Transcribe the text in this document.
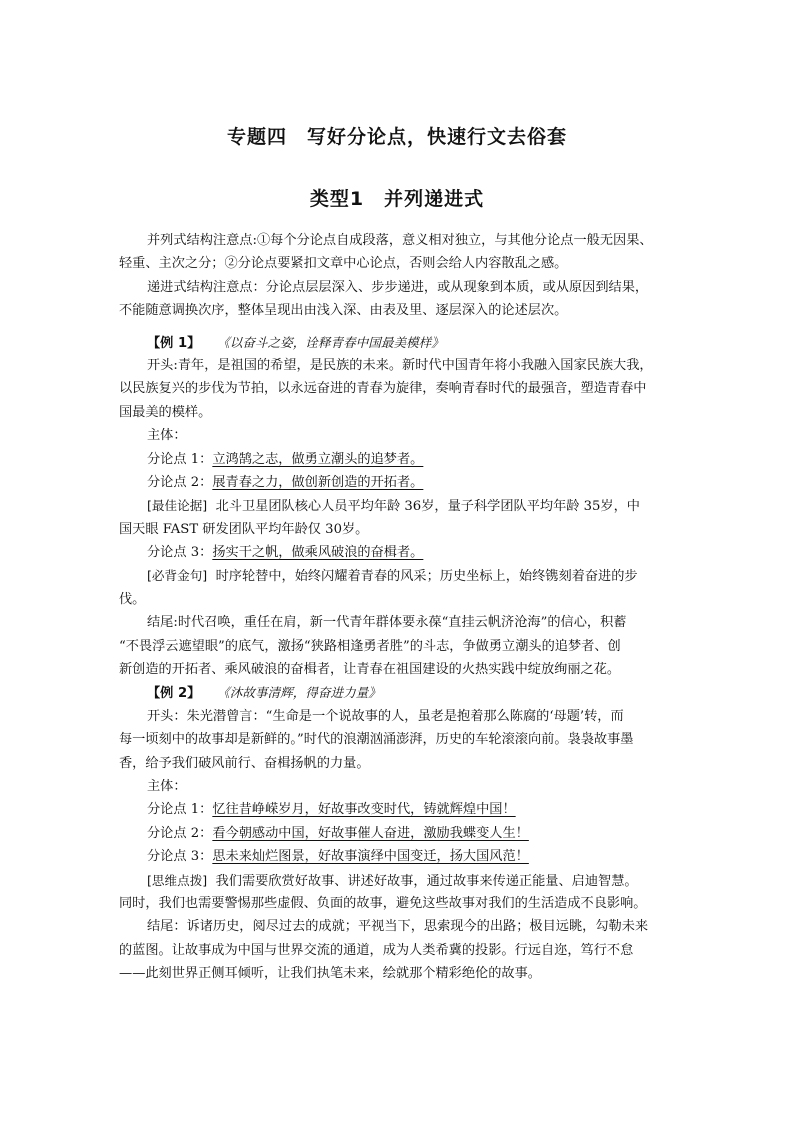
专题四　写好分论点，快速行文去俗套
类型1　并列递进式
并列式结构注意点:①每个分论点自成段落，意义相对独立，与其他分论点一般无因果、
轻重、主次之分；②分论点要紧扣文章中心论点，否则会给人内容散乱之感。
递进式结构注意点：分论点层层深入、步步递进，或从现象到本质，或从原因到结果，
不能随意调换次序，整体呈现出由浅入深、由表及里、逐层深入的论述层次。
【例 1】 《以奋斗之姿，诠释青春中国最美模样》
开头:青年，是祖国的希望，是民族的未来。新时代中国青年将小我融入国家民族大我，
以民族复兴的步伐为节拍，以永远奋进的青春为旋律，奏响青春时代的最强音，塑造青春中
国最美的模样。
主体：
分论点 1：立鸿鹄之志，做勇立潮头的追梦者。
分论点 2：展青春之力，做创新创造的开拓者。
[最佳论据] 北斗卫星团队核心人员平均年龄 36岁，量子科学团队平均年龄 35岁，中
国天眼 FAST 研发团队平均年龄仅 30岁。
分论点 3：扬实干之帆，做乘风破浪的奋楫者。
[必背金句] 时序轮替中，始终闪耀着青春的风采；历史坐标上，始终镌刻着奋进的步
伐。
结尾:时代召唤，重任在肩，新一代青年群体要永葆“直挂云帆济沧海”的信心，积蓄
“不畏浮云遮望眼”的底气，激扬“狭路相逢勇者胜”的斗志，争做勇立潮头的追梦者、创
新创造的开拓者、乘风破浪的奋楫者，让青春在祖国建设的火热实践中绽放绚丽之花。
【例 2】 《沐故事清辉，得奋进力量》
开头：朱光潜曾言：“生命是一个说故事的人，虽老是抱着那么陈腐的‘母题’转，而
每一顷刻中的故事却是新鲜的。”时代的浪潮汹涌澎湃，历史的车轮滚滚向前。袅袅故事墨
香，给予我们破风前行、奋楫扬帆的力量。
主体：
分论点 1：忆往昔峥嵘岁月，好故事改变时代，铸就辉煌中国！
分论点 2：看今朝感动中国，好故事催人奋进，激励我蝶变人生！
分论点 3：思未来灿烂图景，好故事演绎中国变迁，扬大国风范！
[思维点拨] 我们需要欣赏好故事、讲述好故事，通过故事来传递正能量、启迪智慧。
同时，我们也需要警惕那些虚假、负面的故事，避免这些故事对我们的生活造成不良影响。
结尾：诉诸历史，阅尽过去的成就；平视当下，思索现今的出路；极目远眺，勾勒未来
的蓝图。让故事成为中国与世界交流的通道，成为人类希冀的投影。行远自迩，笃行不怠
——此刻世界正侧耳倾听，让我们执笔未来，绘就那个精彩绝伦的故事。
